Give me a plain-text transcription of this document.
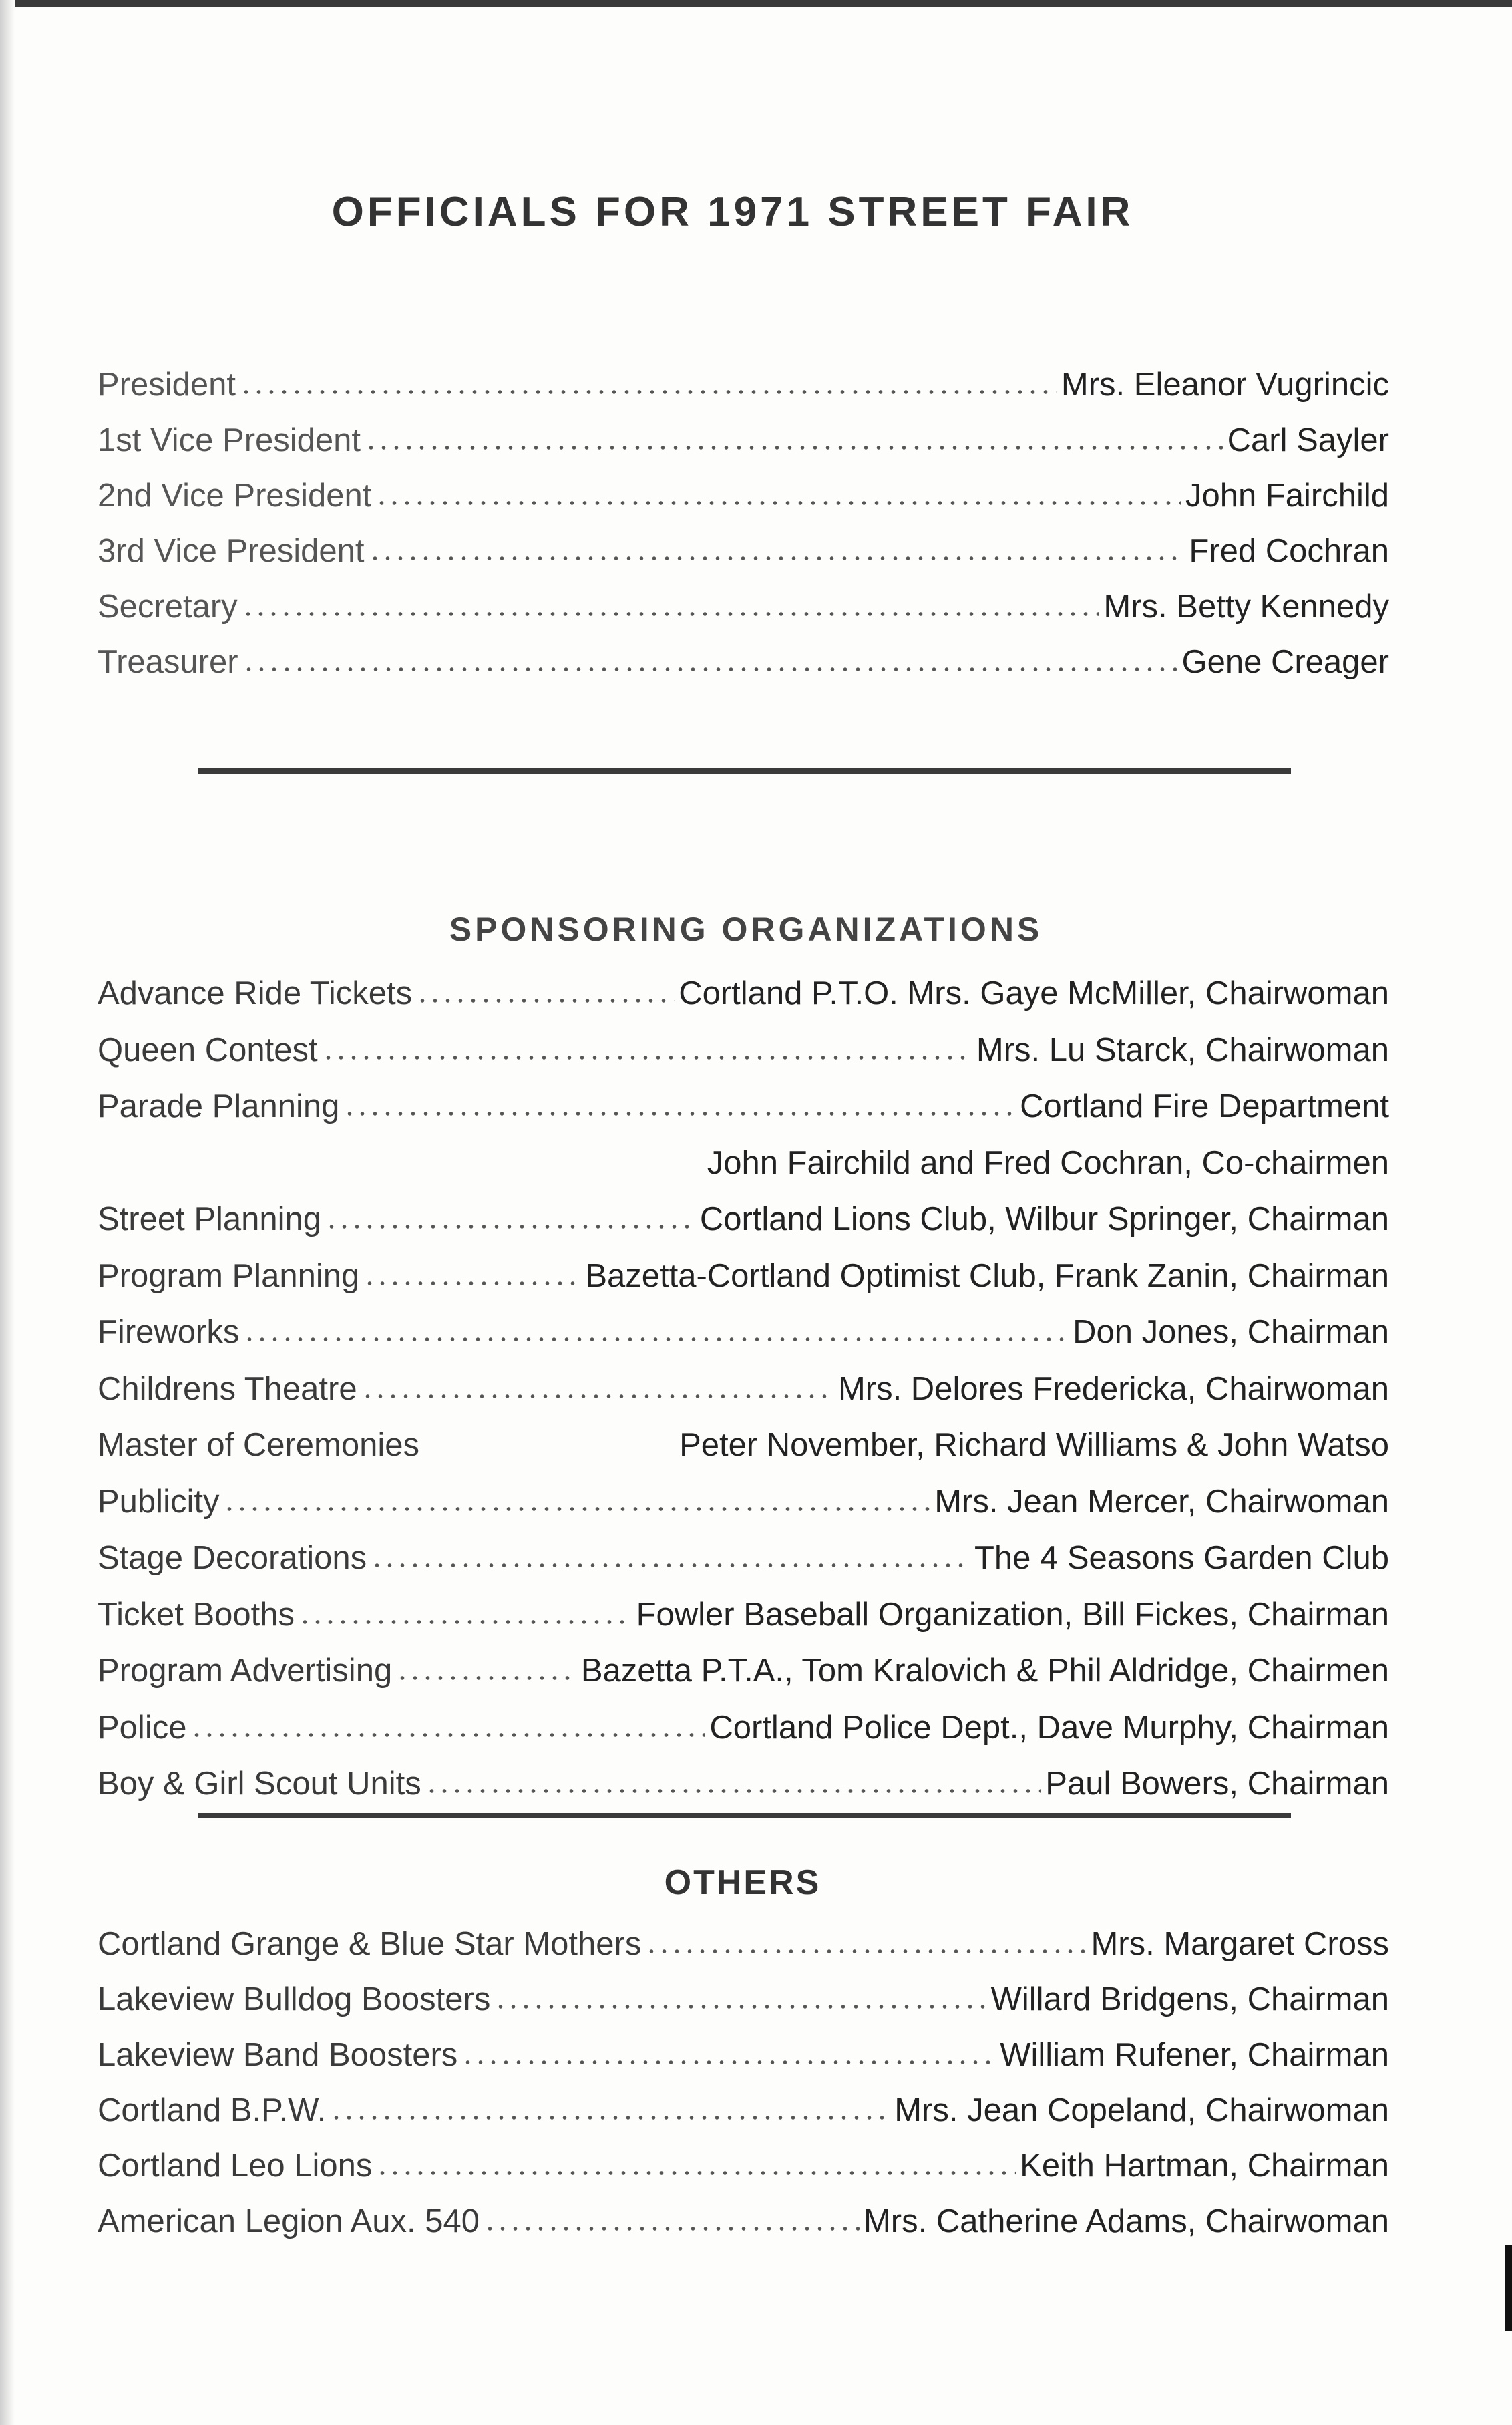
OFFICIALS FOR 1971 STREET FAIR
President	Mrs. Eleanor Vugrincic
1st Vice President	Carl Sayler
2nd Vice President	John Fairchild
3rd Vice President	Fred Cochran
Secretary	Mrs. Betty Kennedy
Treasurer	Gene Creager
SPONSORING ORGANIZATIONS
Advance Ride Tickets	Cortland P.T.O. Mrs. Gaye McMiller, Chairwoman
Queen Contest	Mrs. Lu Starck, Chairwoman
Parade Planning	Cortland Fire Department
John Fairchild and Fred Cochran, Co-chairmen
Street Planning	Cortland Lions Club, Wilbur Springer, Chairman
Program Planning	Bazetta-Cortland Optimist Club, Frank Zanin, Chairman
Fireworks	Don Jones, Chairman
Childrens Theatre	Mrs. Delores Fredericka, Chairwoman
Master of Ceremonies	Peter November, Richard Williams & John Watso
Publicity	Mrs. Jean Mercer, Chairwoman
Stage Decorations	The 4 Seasons Garden Club
Ticket Booths	Fowler Baseball Organization, Bill Fickes, Chairman
Program Advertising	Bazetta P.T.A., Tom Kralovich & Phil Aldridge, Chairmen
Police	Cortland Police Dept., Dave Murphy, Chairman
Boy & Girl Scout Units	Paul Bowers, Chairman
OTHERS
Cortland Grange & Blue Star Mothers	Mrs. Margaret Cross
Lakeview Bulldog Boosters	Willard Bridgens, Chairman
Lakeview Band Boosters	William Rufener, Chairman
Cortland B.P.W.	Mrs. Jean Copeland, Chairwoman
Cortland Leo Lions	Keith Hartman, Chairman
American Legion Aux. 540	Mrs. Catherine Adams, Chairwoman
